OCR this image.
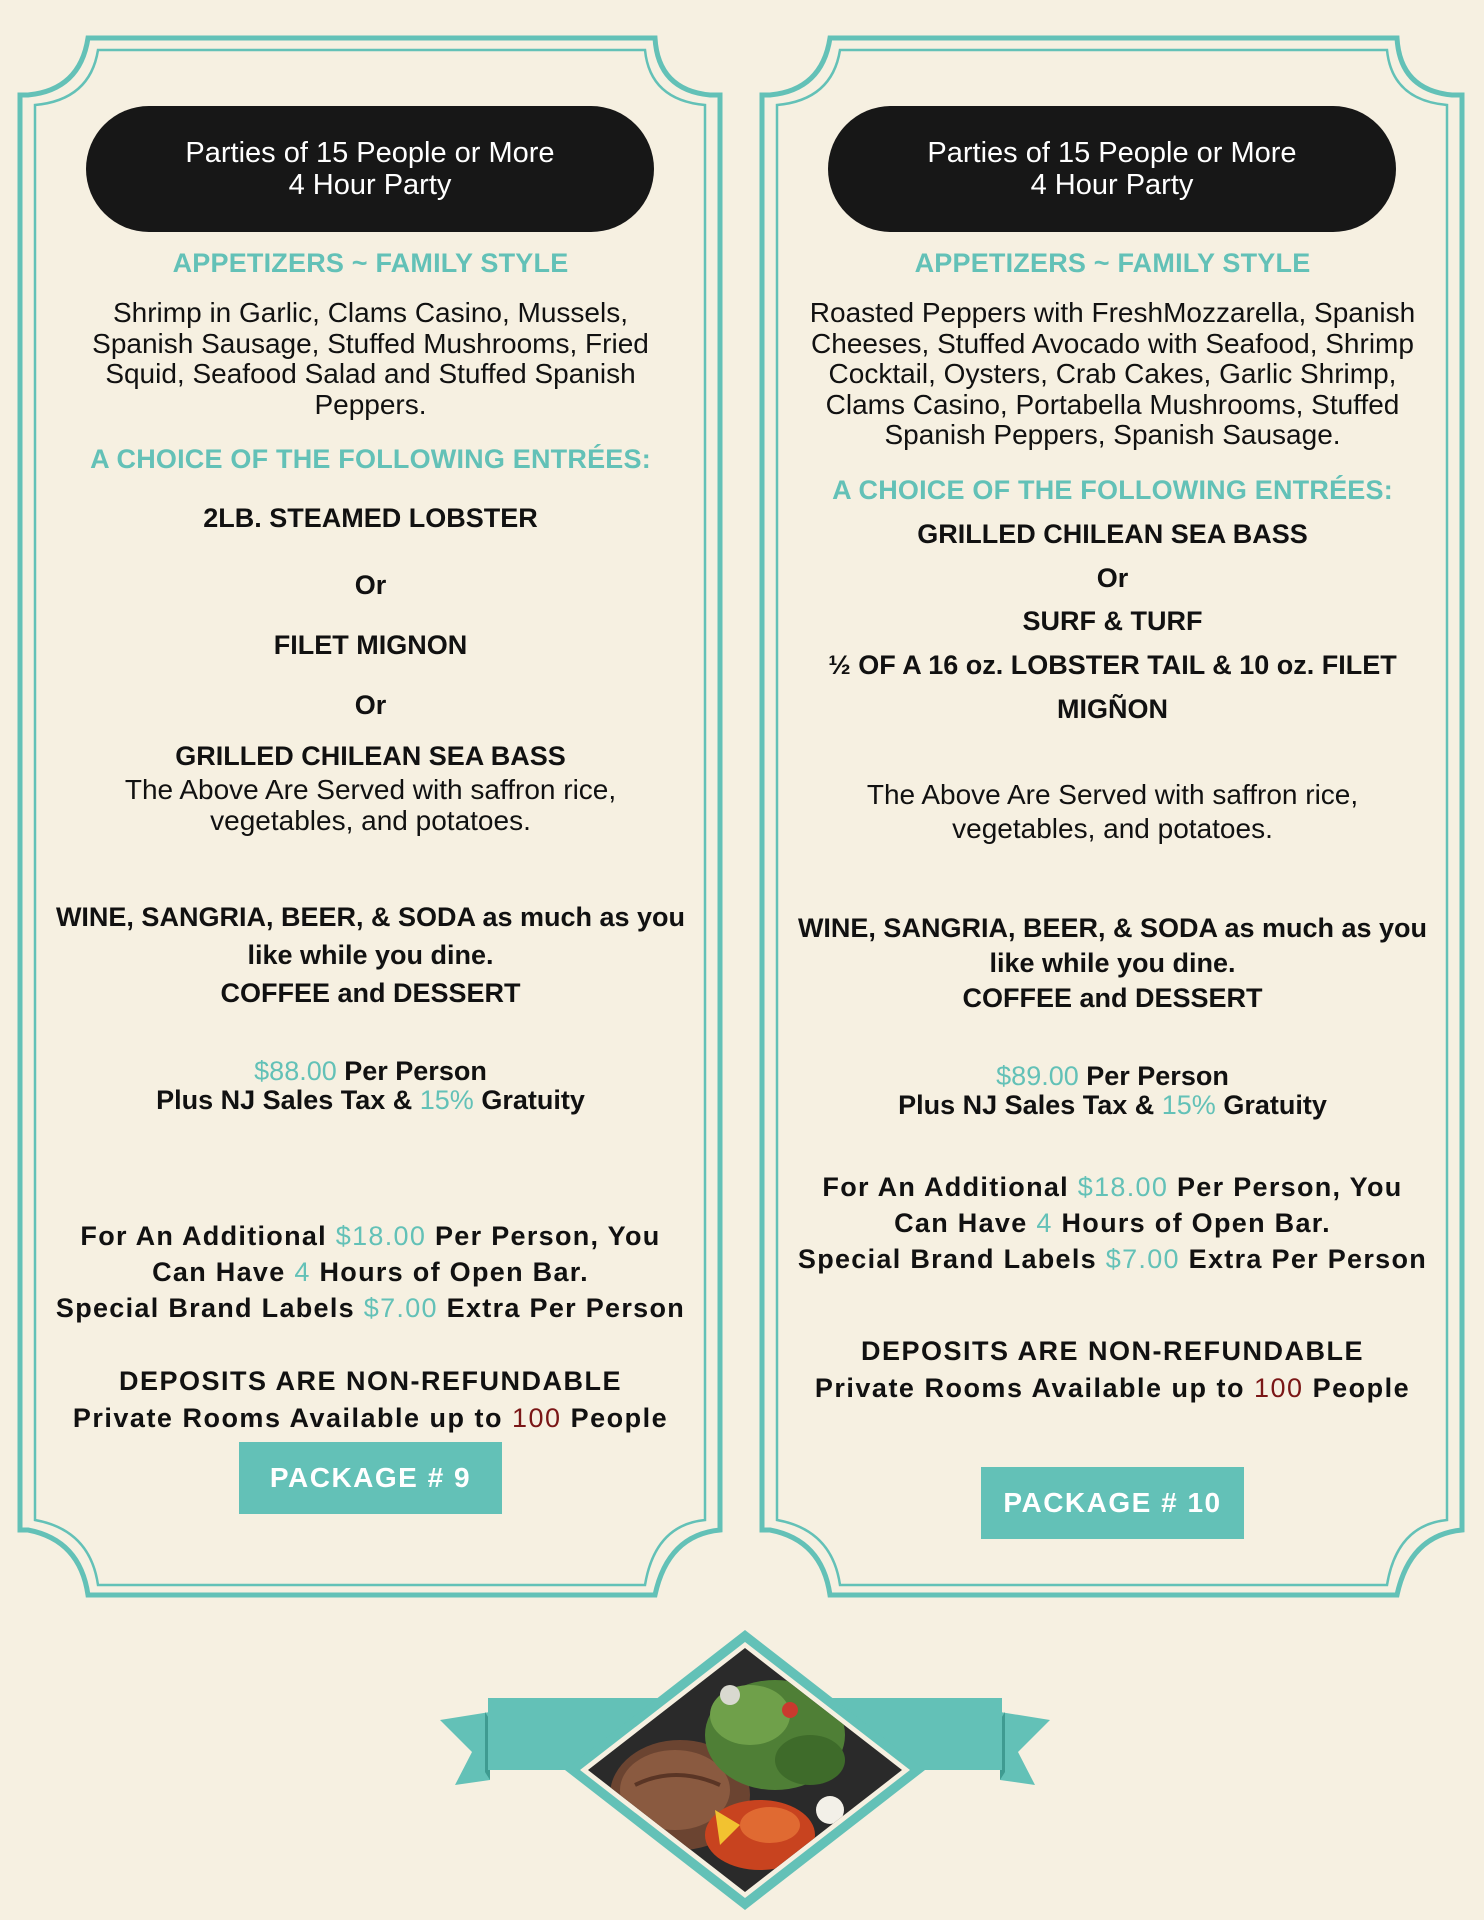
Parties of 15 People or More
4 Hour Party
APPETIZERS ~ FAMILY STYLE
Shrimp in Garlic, Clams Casino, Mussels,
Spanish Sausage, Stuffed Mushrooms, Fried
Squid, Seafood Salad and Stuffed Spanish
Peppers.
A CHOICE OF THE FOLLOWING ENTRÉES:
2LB. STEAMED LOBSTER
Or
FILET MIGNON
Or
GRILLED CHILEAN SEA BASS
The Above Are Served with saffron rice,
vegetables, and potatoes.
WINE, SANGRIA, BEER, & SODA as much as you
like while you dine.
COFFEE and DESSERT
$88.00 Per Person
Plus NJ Sales Tax & 15% Gratuity
For An Additional $18.00 Per Person, You
Can Have 4 Hours of Open Bar.
Special Brand Labels $7.00 Extra Per Person
DEPOSITS ARE NON-REFUNDABLE
Private Rooms Available up to 100 People
PACKAGE # 9
Parties of 15 People or More
4 Hour Party
APPETIZERS ~ FAMILY STYLE
Roasted Peppers with FreshMozzarella, Spanish
Cheeses, Stuffed Avocado with Seafood, Shrimp
Cocktail, Oysters, Crab Cakes, Garlic Shrimp,
Clams Casino, Portabella Mushrooms, Stuffed
Spanish Peppers, Spanish Sausage.
A CHOICE OF THE FOLLOWING ENTRÉES:
GRILLED CHILEAN SEA BASS
Or
SURF & TURF
½ OF A 16 oz. LOBSTER TAIL & 10 oz. FILET
MIGÑON
The Above Are Served with saffron rice,
vegetables, and potatoes.
WINE, SANGRIA, BEER, & SODA as much as you
like while you dine.
COFFEE and DESSERT
$89.00 Per Person
Plus NJ Sales Tax & 15% Gratuity
For An Additional $18.00 Per Person, You
Can Have 4 Hours of Open Bar.
Special Brand Labels $7.00 Extra Per Person
DEPOSITS ARE NON-REFUNDABLE
Private Rooms Available up to 100 People
PACKAGE # 10
